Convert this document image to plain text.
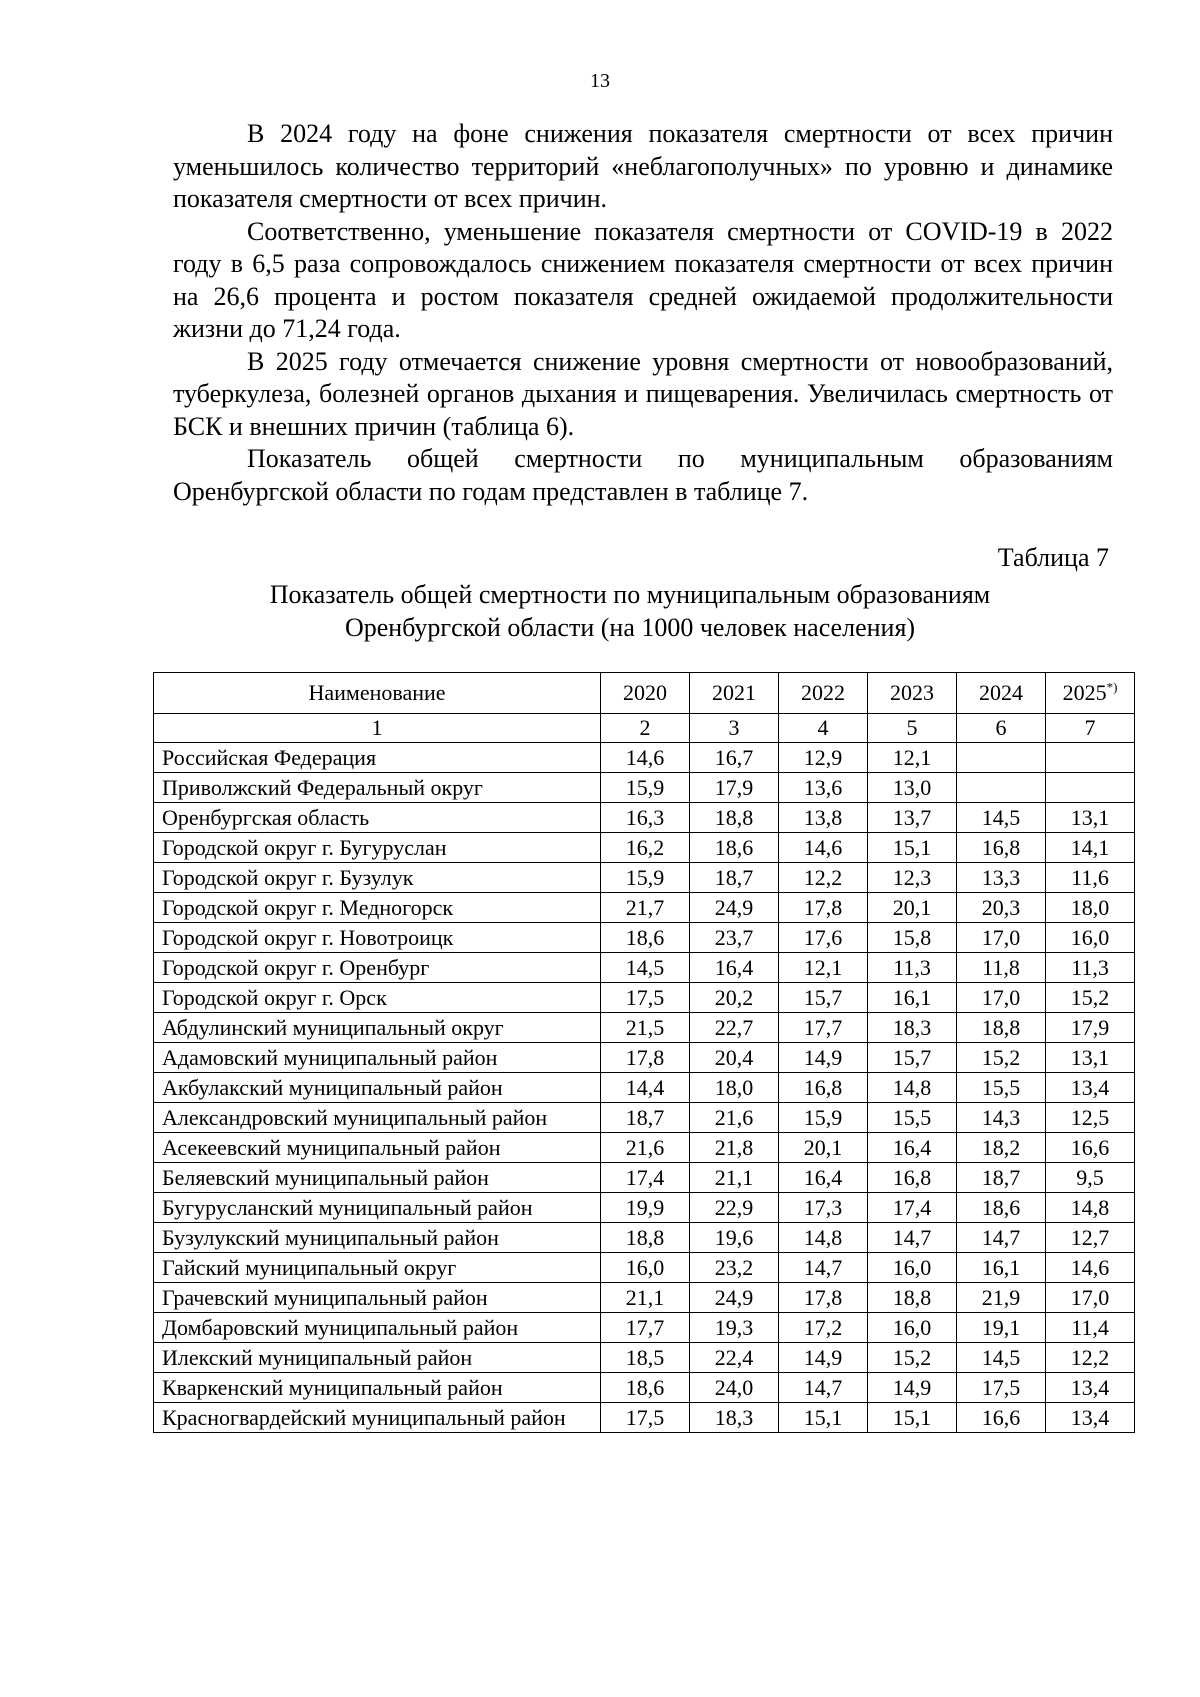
13

В 2024 году на фоне снижения показателя смертности от всех причин уменьшилось количество территорий «неблагополучных» по уровню и динамике показателя смертности от всех причин.

Соответственно, уменьшение показателя смертности от COVID-19 в 2022 году в 6,5 раза сопровождалось снижением показателя смертности от всех причин на 26,6 процента и ростом показателя средней ожидаемой продолжительности жизни до 71,24 года.

В 2025 году отмечается снижение уровня смертности от новообразований, туберкулеза, болезней органов дыхания и пищеварения. Увеличилась смертность от БСК и внешних причин (таблица 6).

Показатель общей смертности по муниципальным образованиям Оренбургской области по годам представлен в таблице 7.

Таблица 7
Показатель общей смертности по муниципальным образованиям Оренбургской области (на 1000 человек населения)
Наименование	2020	2021	2022	2023	2024	2025*)
1	2	3	4	5	6	7
Российская Федерация	14,6	16,7	12,9	12,1		
Приволжский Федеральный округ	15,9	17,9	13,6	13,0		
Оренбургская область	16,3	18,8	13,8	13,7	14,5	13,1
Городской округ г. Бугуруслан	16,2	18,6	14,6	15,1	16,8	14,1
Городской округ г. Бузулук	15,9	18,7	12,2	12,3	13,3	11,6
Городской округ г. Медногорск	21,7	24,9	17,8	20,1	20,3	18,0
Городской округ г. Новотроицк	18,6	23,7	17,6	15,8	17,0	16,0
Городской округ г. Оренбург	14,5	16,4	12,1	11,3	11,8	11,3
Городской округ г. Орск	17,5	20,2	15,7	16,1	17,0	15,2
Абдулинский муниципальный округ	21,5	22,7	17,7	18,3	18,8	17,9
Адамовский муниципальный район	17,8	20,4	14,9	15,7	15,2	13,1
Акбулакский муниципальный район	14,4	18,0	16,8	14,8	15,5	13,4
Александровский муниципальный район	18,7	21,6	15,9	15,5	14,3	12,5
Асекеевский муниципальный район	21,6	21,8	20,1	16,4	18,2	16,6
Беляевский муниципальный район	17,4	21,1	16,4	16,8	18,7	9,5
Бугурусланский муниципальный район	19,9	22,9	17,3	17,4	18,6	14,8
Бузулукский муниципальный район	18,8	19,6	14,8	14,7	14,7	12,7
Гайский муниципальный округ	16,0	23,2	14,7	16,0	16,1	14,6
Грачевский муниципальный район	21,1	24,9	17,8	18,8	21,9	17,0
Домбаровский муниципальный район	17,7	19,3	17,2	16,0	19,1	11,4
Илекский муниципальный район	18,5	22,4	14,9	15,2	14,5	12,2
Кваркенский муниципальный район	18,6	24,0	14,7	14,9	17,5	13,4
Красногвардейский муниципальный район	17,5	18,3	15,1	15,1	16,6	13,4
